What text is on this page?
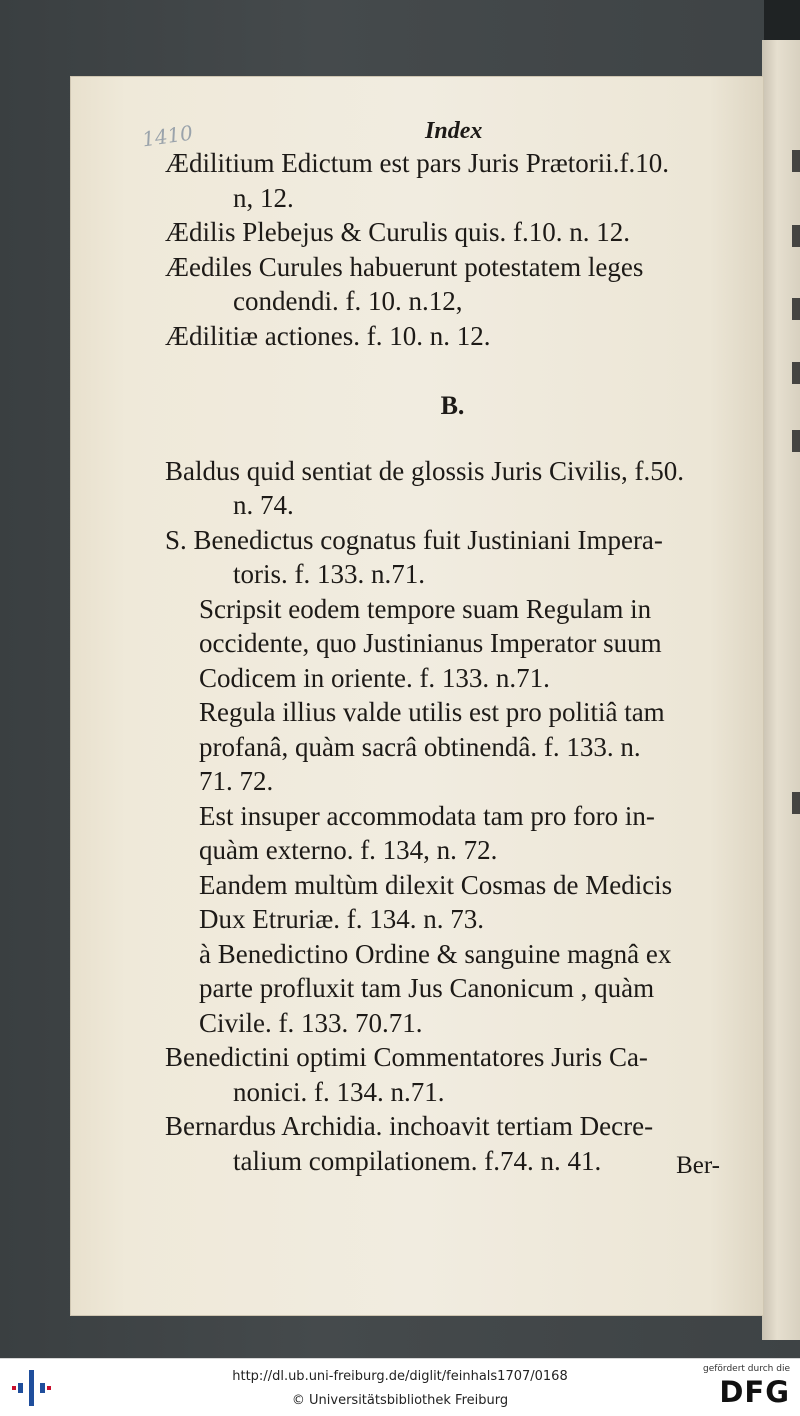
1410	Index
Ædilitium Edictum est pars Juris Prætorii.f.10.
n, 12.
Ædilis Plebejus & Curulis quis. f.10. n. 12.
Æediles Curules habuerunt potestatem leges
condendi. f. 10. n.12,
Ædilitiæ actiones. f. 10. n. 12.
B.
Baldus quid sentiat de glossis Juris Civilis, f.50.
n. 74.
S. Benedictus cognatus fuit Justiniani Impera-
toris. f. 133. n.71.
Scripsit eodem tempore suam Regulam in
occidente, quo Justinianus Imperator suum
Codicem in oriente. f. 133. n.71.
Regula illius valde utilis est pro politiâ tam
profanâ, quàm sacrâ obtinendâ. f. 133. n.
71. 72.
Est insuper accommodata tam pro foro in-
quàm externo. f. 134, n. 72.
Eandem multùm dilexit Cosmas de Medicis
Dux Etruriæ. f. 134. n. 73.
à Benedictino Ordine & sanguine magnâ ex
parte profluxit tam Jus Canonicum , quàm
Civile. f. 133. 70.71.
Benedictini optimi Commentatores Juris Ca-
nonici. f. 134. n.71.
Bernardus Archidia. inchoavit tertiam Decre-
talium compilationem. f.74. n. 41.	Ber-
http://dl.ub.uni-freiburg.de/diglit/feinhals1707/0168
© Universitätsbibliothek Freiburg
gefördert durch die
DFG
